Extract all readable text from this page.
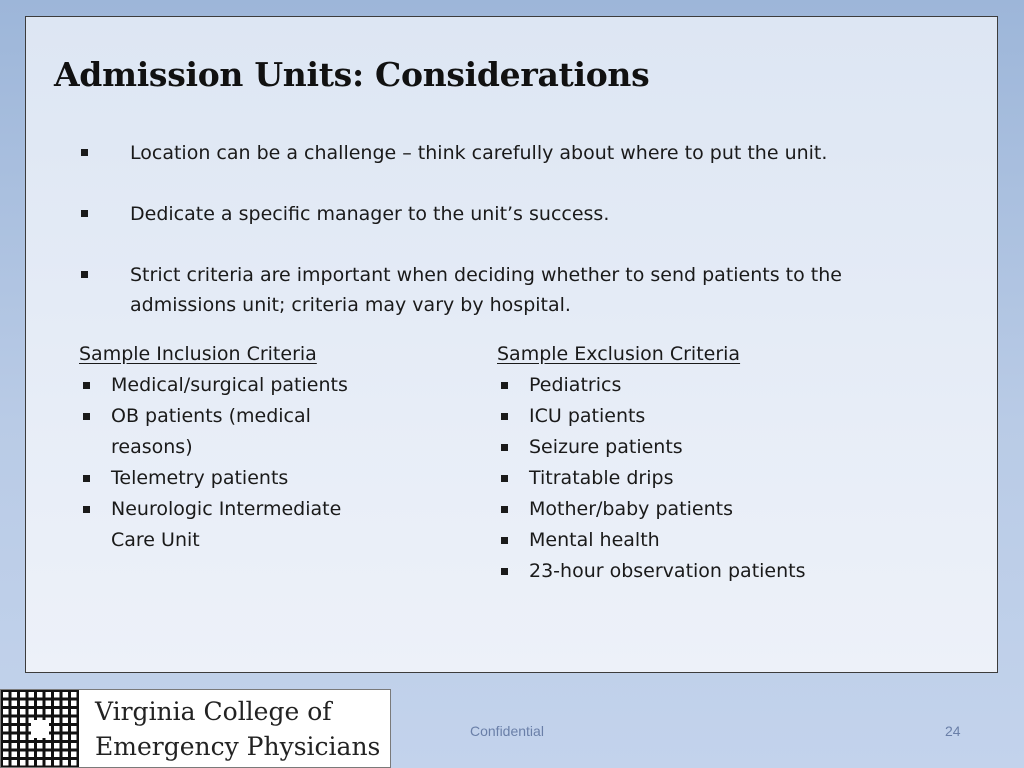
Admission Units: Considerations
Location can be a challenge – think carefully about where to put the unit.
Dedicate a specific manager to the unit’s success.
Strict criteria are important when deciding whether to send patients to the admissions unit; criteria may vary by hospital.
Sample Inclusion Criteria
Medical/surgical patients
OB patients (medical reasons)
Telemetry patients
Neurologic Intermediate Care Unit
Sample Exclusion Criteria
Pediatrics
ICU patients
Seizure patients
Titratable drips
Mother/baby patients
Mental health
23-hour observation patients
Virginia College of
Emergency Physicians
Confidential	24
